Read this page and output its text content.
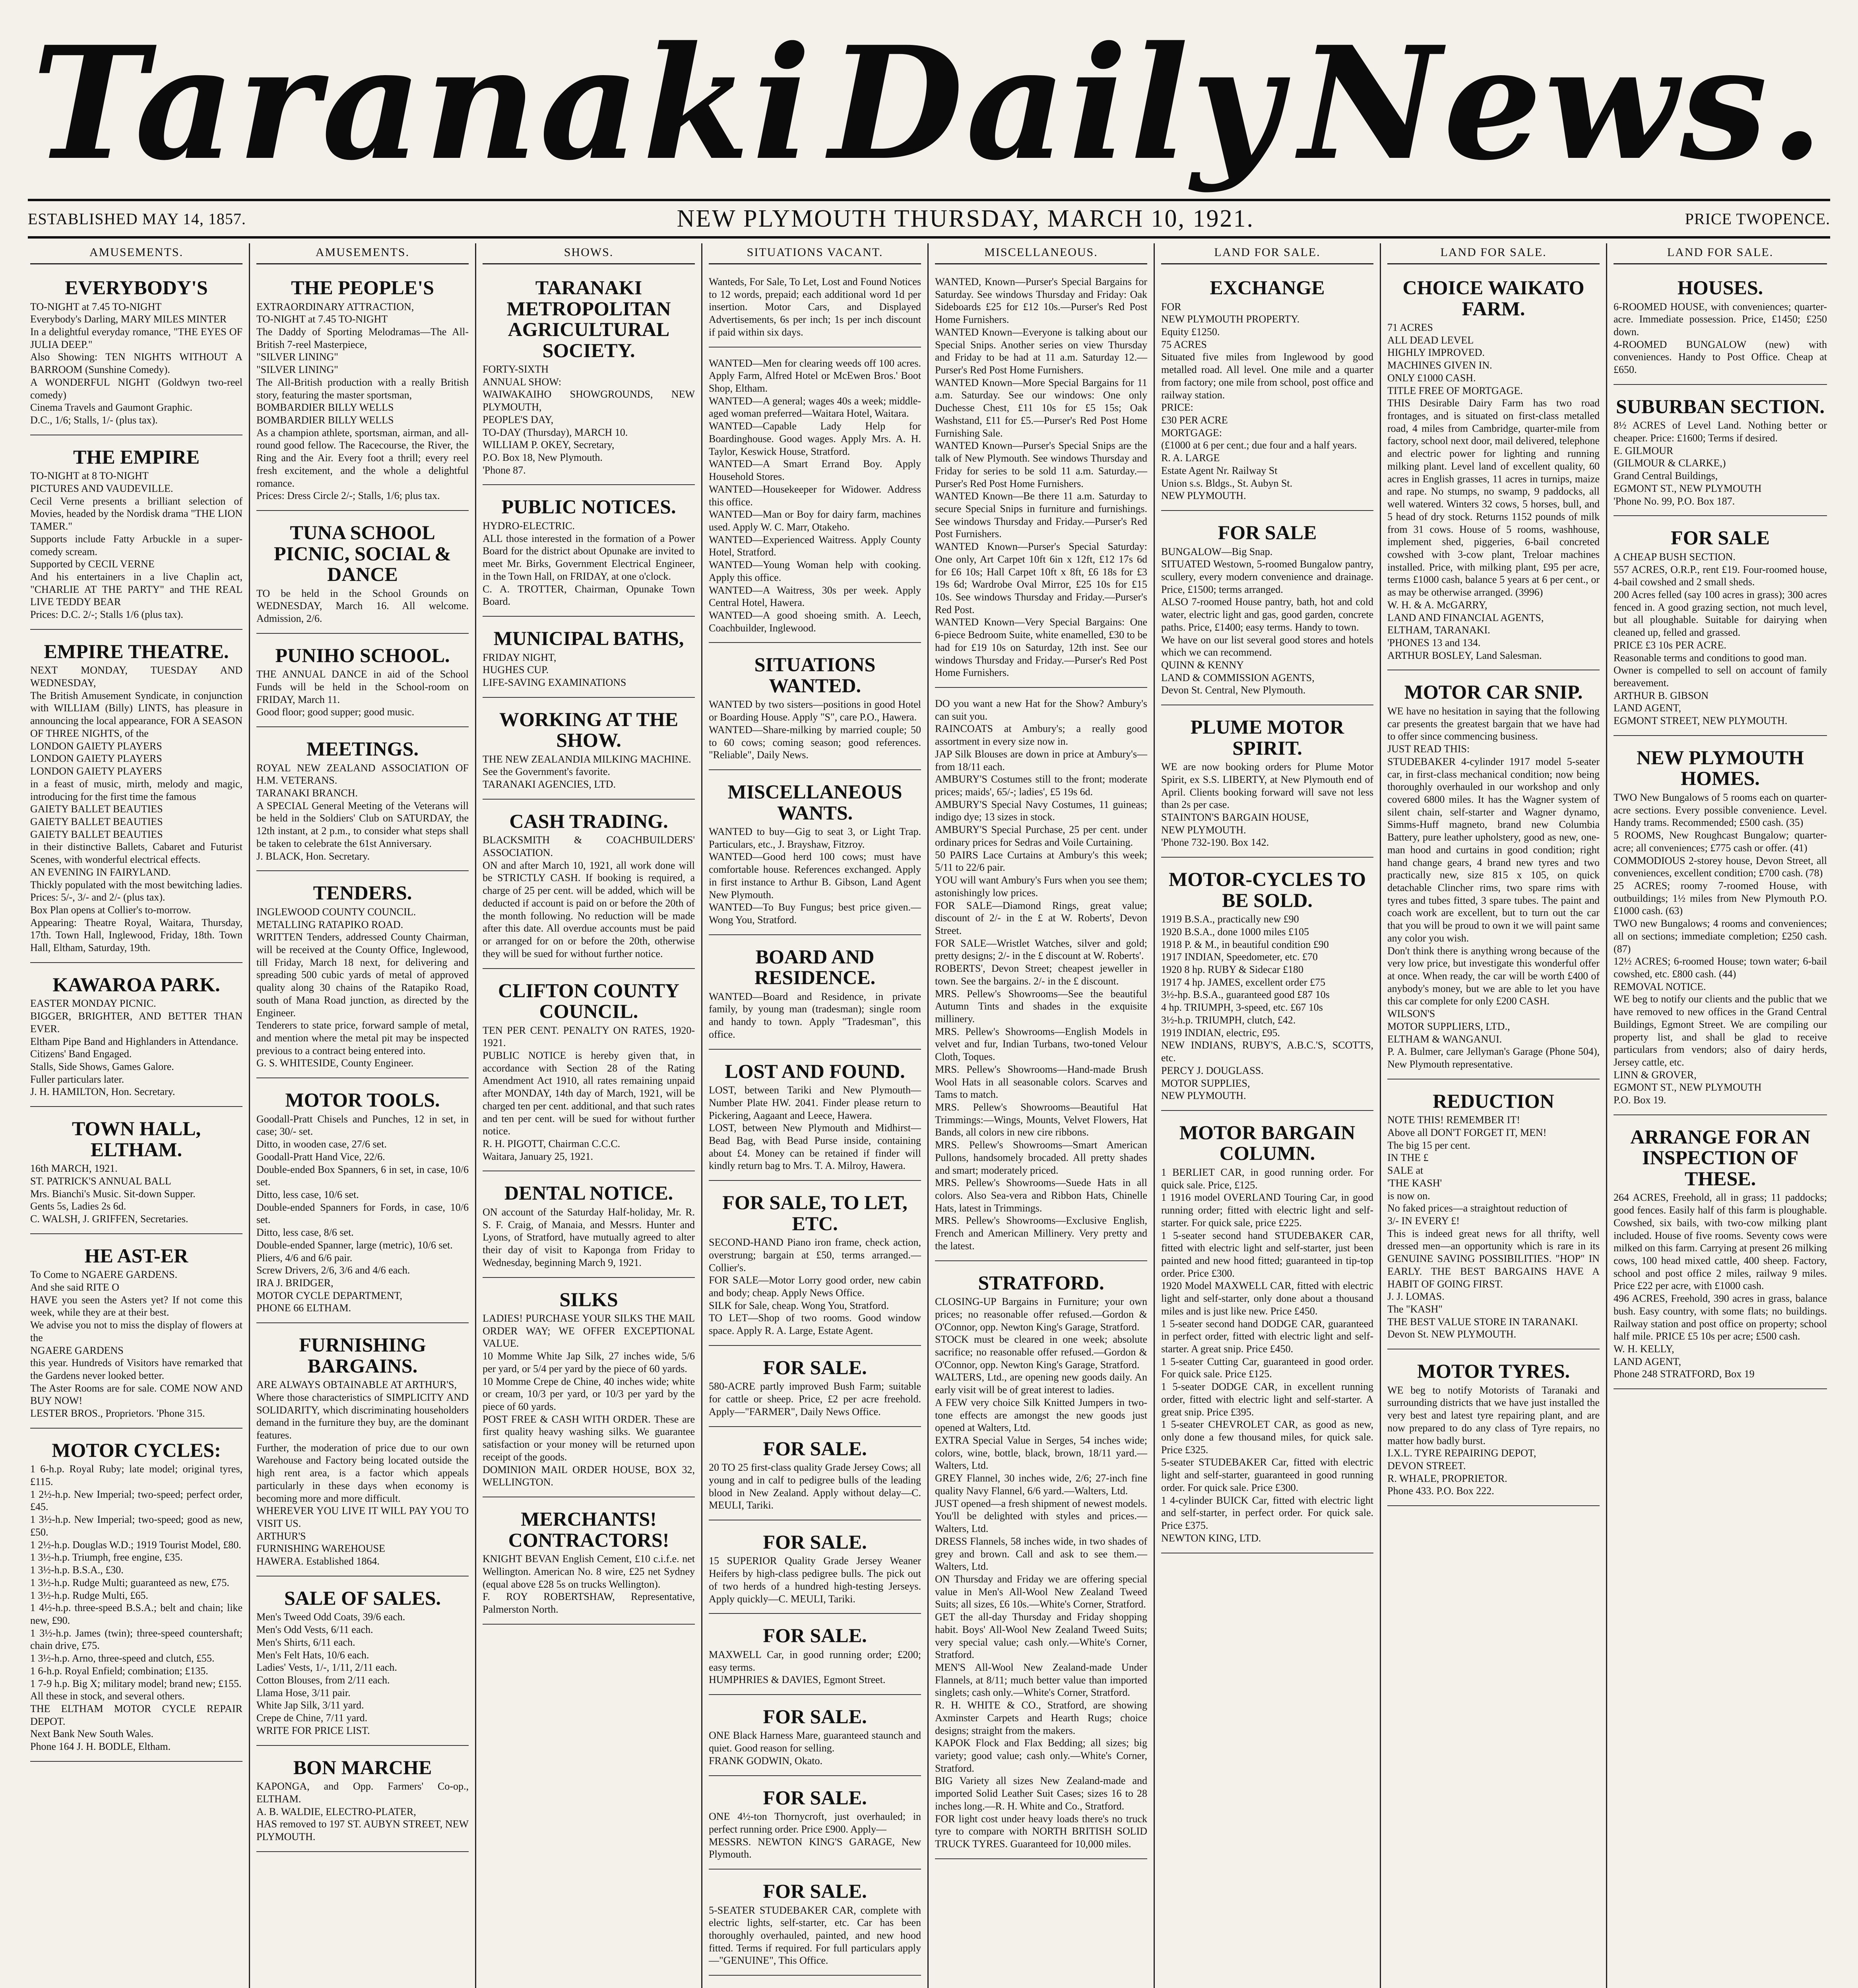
Taranaki Daily News.
ESTABLISHED MAY 14, 1857.	NEW PLYMOUTH THURSDAY, MARCH 10, 1921.	PRICE TWOPENCE.
AMUSEMENTS.
EVERYBODY'S
TO-NIGHT at 7.45 TO-NIGHT
Everybody's Darling, MARY MILES MINTER
In a delightful everyday romance, "THE EYES OF JULIA DEEP."
Also Showing: TEN NIGHTS WITHOUT A BARROOM (Sunshine Comedy).
A WONDERFUL NIGHT (Goldwyn two-reel comedy)
Cinema Travels and Gaumont Graphic.
D.C., 1/6; Stalls, 1/- (plus tax).
THE EMPIRE
TO-NIGHT at 8 TO-NIGHT
PICTURES AND VAUDEVILLE.
Cecil Verne presents a brilliant selection of Movies, headed by the Nordisk drama "THE LION TAMER."
Supports include Fatty Arbuckle in a super-comedy scream.
Supported by CECIL VERNE
And his entertainers in a live Chaplin act, "CHARLIE AT THE PARTY" and THE REAL LIVE TEDDY BEAR
Prices: D.C. 2/-; Stalls 1/6 (plus tax).
EMPIRE THEATRE.
NEXT MONDAY, TUESDAY AND WEDNESDAY,
The British Amusement Syndicate, in conjunction with WILLIAM (Billy) LINTS, has pleasure in announcing the local appearance, FOR A SEASON OF THREE NIGHTS, of the
LONDON GAIETY PLAYERS
LONDON GAIETY PLAYERS
LONDON GAIETY PLAYERS
in a feast of music, mirth, melody and magic, introducing for the first time the famous
GAIETY BALLET BEAUTIES
GAIETY BALLET BEAUTIES
GAIETY BALLET BEAUTIES
in their distinctive Ballets, Cabaret and Futurist Scenes, with wonderful electrical effects.
AN EVENING IN FAIRYLAND.
Thickly populated with the most bewitching ladies.
Prices: 5/-, 3/- and 2/- (plus tax).
Box Plan opens at Collier's to-morrow.
Appearing: Theatre Royal, Waitara, Thursday, 17th. Town Hall, Inglewood, Friday, 18th. Town Hall, Eltham, Saturday, 19th.
KAWAROA PARK.
EASTER MONDAY PICNIC.
BIGGER, BRIGHTER, AND BETTER THAN EVER.
Eltham Pipe Band and Highlanders in Attendance.
Citizens' Band Engaged.
Stalls, Side Shows, Games Galore.
Fuller particulars later.
J. H. HAMILTON, Hon. Secretary.
TOWN HALL, ELTHAM.
16th MARCH, 1921.
ST. PATRICK'S ANNUAL BALL
Mrs. Bianchi's Music. Sit-down Supper.
Gents 5s, Ladies 2s 6d.
C. WALSH, J. GRIFFEN, Secretaries.
HE AST-ER
To Come to NGAERE GARDENS.
And she said RITE O
HAVE you seen the Asters yet? If not come this week, while they are at their best.
We advise you not to miss the display of flowers at the
NGAERE GARDENS
this year. Hundreds of Visitors have remarked that the Gardens never looked better.
The Aster Rooms are for sale. COME NOW AND BUY NOW!
LESTER BROS., Proprietors. 'Phone 315.
MOTOR CYCLES:
1 6-h.p. Royal Ruby; late model; original tyres, £115.
1 2½-h.p. New Imperial; two-speed; perfect order, £45.
1 3½-h.p. New Imperial; two-speed; good as new, £50.
1 2½-h.p. Douglas W.D.; 1919 Tourist Model, £80.
1 3½-h.p. Triumph, free engine, £35.
1 3½-h.p. B.S.A., £30.
1 3½-h.p. Rudge Multi; guaranteed as new, £75.
1 3½-h.p. Rudge Multi, £65.
1 4½-h.p. three-speed B.S.A.; belt and chain; like new, £90.
1 3½-h.p. James (twin); three-speed countershaft; chain drive, £75.
1 3½-h.p. Arno, three-speed and clutch, £55.
1 6-h.p. Royal Enfield; combination; £135.
1 7-9 h.p. Big X; military model; brand new; £155.
All these in stock, and several others.
THE ELTHAM MOTOR CYCLE REPAIR DEPOT.
Next Bank New South Wales.
Phone 164 J. H. BODLE, Eltham.
AMUSEMENTS.
THE PEOPLE'S
EXTRAORDINARY ATTRACTION,
TO-NIGHT at 7.45 TO-NIGHT
The Daddy of Sporting Melodramas—The All-British 7-reel Masterpiece,
"SILVER LINING"
"SILVER LINING"
The All-British production with a really British story, featuring the master sportsman,
BOMBARDIER BILLY WELLS
BOMBARDIER BILLY WELLS
As a champion athlete, sportsman, airman, and all-round good fellow. The Racecourse, the River, the Ring and the Air. Every foot a thrill; every reel fresh excitement, and the whole a delightful romance.
Prices: Dress Circle 2/-; Stalls, 1/6; plus tax.
TUNA SCHOOL PICNIC, SOCIAL & DANCE
TO be held in the School Grounds on WEDNESDAY, March 16. All welcome. Admission, 2/6.
PUNIHO SCHOOL.
THE ANNUAL DANCE in aid of the School Funds will be held in the School-room on FRIDAY, March 11.
Good floor; good supper; good music.
MEETINGS.
ROYAL NEW ZEALAND ASSOCIATION OF H.M. VETERANS.
TARANAKI BRANCH.
A SPECIAL General Meeting of the Veterans will be held in the Soldiers' Club on SATURDAY, the 12th instant, at 2 p.m., to consider what steps shall be taken to celebrate the 61st Anniversary.
J. BLACK, Hon. Secretary.
TENDERS.
INGLEWOOD COUNTY COUNCIL.
METALLING RATAPIKO ROAD.
WRITTEN Tenders, addressed County Chairman, will be received at the County Office, Inglewood, till Friday, March 18 next, for delivering and spreading 500 cubic yards of metal of approved quality along 30 chains of the Ratapiko Road, south of Mana Road junction, as directed by the Engineer.
Tenderers to state price, forward sample of metal, and mention where the metal pit may be inspected previous to a contract being entered into.
G. S. WHITESIDE, County Engineer.
MOTOR TOOLS.
Goodall-Pratt Chisels and Punches, 12 in set, in case; 30/- set.
Ditto, in wooden case, 27/6 set.
Goodall-Pratt Hand Vice, 22/6.
Double-ended Box Spanners, 6 in set, in case, 10/6 set.
Ditto, less case, 10/6 set.
Double-ended Spanners for Fords, in case, 10/6 set.
Ditto, less case, 8/6 set.
Double-ended Spanner, large (metric), 10/6 set.
Pliers, 4/6 and 6/6 pair.
Screw Drivers, 2/6, 3/6 and 4/6 each.
IRA J. BRIDGER,
MOTOR CYCLE DEPARTMENT,
PHONE 66 ELTHAM.
FURNISHING BARGAINS.
ARE ALWAYS OBTAINABLE AT ARTHUR'S,
Where those characteristics of SIMPLICITY AND SOLIDARITY, which discriminating householders demand in the furniture they buy, are the dominant features.
Further, the moderation of price due to our own Warehouse and Factory being located outside the high rent area, is a factor which appeals particularly in these days when economy is becoming more and more difficult.
WHEREVER YOU LIVE IT WILL PAY YOU TO VISIT US.
ARTHUR'S
FURNISHING WAREHOUSE
HAWERA. Established 1864.
SALE OF SALES.
Men's Tweed Odd Coats, 39/6 each.
Men's Odd Vests, 6/11 each.
Men's Shirts, 6/11 each.
Men's Felt Hats, 10/6 each.
Ladies' Vests, 1/-, 1/11, 2/11 each.
Cotton Blouses, from 2/11 each.
Llama Hose, 3/11 pair.
White Jap Silk, 3/11 yard.
Crepe de Chine, 7/11 yard.
WRITE FOR PRICE LIST.
BON MARCHE
KAPONGA, and Opp. Farmers' Co-op., ELTHAM.
A. B. WALDIE, ELECTRO-PLATER,
HAS removed to 197 ST. AUBYN STREET, NEW PLYMOUTH.
SHOWS.
TARANAKI METROPOLITAN AGRICULTURAL SOCIETY.
FORTY-SIXTH
ANNUAL SHOW:
WAIWAKAIHO SHOWGROUNDS, NEW PLYMOUTH,
PEOPLE'S DAY,
TO-DAY (Thursday), MARCH 10.
WILLIAM P. OKEY, Secretary,
P.O. Box 18, New Plymouth.
'Phone 87.
PUBLIC NOTICES.
HYDRO-ELECTRIC.
ALL those interested in the formation of a Power Board for the district about Opunake are invited to meet Mr. Birks, Government Electrical Engineer, in the Town Hall, on FRIDAY, at one o'clock.
C. A. TROTTER, Chairman, Opunake Town Board.
MUNICIPAL BATHS,
FRIDAY NIGHT,
HUGHES CUP.
LIFE-SAVING EXAMINATIONS
WORKING AT THE SHOW.
THE NEW ZEALANDIA MILKING MACHINE.
See the Government's favorite.
TARANAKI AGENCIES, LTD.
CASH TRADING.
BLACKSMITH & COACHBUILDERS' ASSOCIATION.
ON and after March 10, 1921, all work done will be STRICTLY CASH. If booking is required, a charge of 25 per cent. will be added, which will be deducted if account is paid on or before the 20th of the month following. No reduction will be made after this date. All overdue accounts must be paid or arranged for on or before the 20th, otherwise they will be sued for without further notice.
CLIFTON COUNTY COUNCIL.
TEN PER CENT. PENALTY ON RATES, 1920-1921.
PUBLIC NOTICE is hereby given that, in accordance with Section 28 of the Rating Amendment Act 1910, all rates remaining unpaid after MONDAY, 14th day of March, 1921, will be charged ten per cent. additional, and that such rates and ten per cent. will be sued for without further notice.
R. H. PIGOTT, Chairman C.C.C.
Waitara, January 25, 1921.
DENTAL NOTICE.
ON account of the Saturday Half-holiday, Mr. R. S. F. Craig, of Manaia, and Messrs. Hunter and Lyons, of Stratford, have mutually agreed to alter their day of visit to Kaponga from Friday to Wednesday, beginning March 9, 1921.
SILKS
LADIES! PURCHASE YOUR SILKS THE MAIL ORDER WAY; WE OFFER EXCEPTIONAL VALUE.
10 Momme White Jap Silk, 27 inches wide, 5/6 per yard, or 5/4 per yard by the piece of 60 yards.
10 Momme Crepe de Chine, 40 inches wide; white or cream, 10/3 per yard, or 10/3 per yard by the piece of 60 yards.
POST FREE & CASH WITH ORDER. These are first quality heavy washing silks. We guarantee satisfaction or your money will be returned upon receipt of the goods.
DOMINION MAIL ORDER HOUSE, BOX 32, WELLINGTON.
MERCHANTS! CONTRACTORS!
KNIGHT BEVAN English Cement, £10 c.i.f.e. net Wellington. American No. 8 wire, £25 net Sydney (equal above £28 5s on trucks Wellington).
F. ROY ROBERTSHAW, Representative, Palmerston North.
SITUATIONS VACANT.
Wanteds, For Sale, To Let, Lost and Found Notices to 12 words, prepaid; each additional word 1d per insertion. Motor Cars, and Displayed Advertisements, 6s per inch; 1s per inch discount if paid within six days.
WANTED—Men for clearing weeds off 100 acres. Apply Farm, Alfred Hotel or McEwen Bros.' Boot Shop, Eltham.
WANTED—A general; wages 40s a week; middle-aged woman preferred—Waitara Hotel, Waitara.
WANTED—Capable Lady Help for Boardinghouse. Good wages. Apply Mrs. A. H. Taylor, Keswick House, Stratford.
WANTED—A Smart Errand Boy. Apply Household Stores.
WANTED—Housekeeper for Widower. Address this office.
WANTED—Man or Boy for dairy farm, machines used. Apply W. C. Marr, Otakeho.
WANTED—Experienced Waitress. Apply County Hotel, Stratford.
WANTED—Young Woman help with cooking. Apply this office.
WANTED—A Waitress, 30s per week. Apply Central Hotel, Hawera.
WANTED—A good shoeing smith. A. Leech, Coachbuilder, Inglewood.
SITUATIONS WANTED.
WANTED by two sisters—positions in good Hotel or Boarding House. Apply "S", care P.O., Hawera.
WANTED—Share-milking by married couple; 50 to 60 cows; coming season; good references. "Reliable", Daily News.
MISCELLANEOUS WANTS.
WANTED to buy—Gig to seat 3, or Light Trap. Particulars, etc., J. Brayshaw, Fitzroy.
WANTED—Good herd 100 cows; must have comfortable house. References exchanged. Apply in first instance to Arthur B. Gibson, Land Agent New Plymouth.
WANTED—To Buy Fungus; best price given.—Wong You, Stratford.
BOARD AND RESIDENCE.
WANTED—Board and Residence, in private family, by young man (tradesman); single room and handy to town. Apply "Tradesman", this office.
LOST AND FOUND.
LOST, between Tariki and New Plymouth—Number Plate HW. 2041. Finder please return to Pickering, Aagaant and Leece, Hawera.
LOST, between New Plymouth and Midhirst—Bead Bag, with Bead Purse inside, containing about £4. Money can be retained if finder will kindly return bag to Mrs. T. A. Milroy, Hawera.
FOR SALE, TO LET, ETC.
SECOND-HAND Piano iron frame, check action, overstrung; bargain at £50, terms arranged.—Collier's.
FOR SALE—Motor Lorry good order, new cabin and body; cheap. Apply News Office.
SILK for Sale, cheap. Wong You, Stratford.
TO LET—Shop of two rooms. Good window space. Apply R. A. Large, Estate Agent.
FOR SALE.
580-ACRE partly improved Bush Farm; suitable for cattle or sheep. Price, £2 per acre freehold. Apply—"FARMER", Daily News Office.
FOR SALE.
20 TO 25 first-class quality Grade Jersey Cows; all young and in calf to pedigree bulls of the leading blood in New Zealand. Apply without delay—C. MEULI, Tariki.
FOR SALE.
15 SUPERIOR Quality Grade Jersey Weaner Heifers by high-class pedigree bulls. The pick out of two herds of a hundred high-testing Jerseys. Apply quickly—C. MEULI, Tariki.
FOR SALE.
MAXWELL Car, in good running order; £200; easy terms.
HUMPHRIES & DAVIES, Egmont Street.
FOR SALE.
ONE Black Harness Mare, guaranteed staunch and quiet. Good reason for selling.
FRANK GODWIN, Okato.
FOR SALE.
ONE 4½-ton Thornycroft, just overhauled; in perfect running order. Price £900. Apply—
MESSRS. NEWTON KING'S GARAGE, New Plymouth.
FOR SALE.
5-SEATER STUDEBAKER CAR, complete with electric lights, self-starter, etc. Car has been thoroughly overhauled, painted, and new hood fitted. Terms if required. For full particulars apply—"GENUINE", This Office.
MISCELLANEOUS.
WANTED, Known—Purser's Special Bargains for Saturday. See windows Thursday and Friday: Oak Sideboards £25 for £12 10s.—Purser's Red Post Home Furnishers.
WANTED Known—Everyone is talking about our Special Snips. Another series on view Thursday and Friday to be had at 11 a.m. Saturday 12.—Purser's Red Post Home Furnishers.
WANTED Known—More Special Bargains for 11 a.m. Saturday. See our windows: One only Duchesse Chest, £11 10s for £5 15s; Oak Washstand, £11 for £5.—Purser's Red Post Home Furnishing Sale.
WANTED Known—Purser's Special Snips are the talk of New Plymouth. See windows Thursday and Friday for series to be sold 11 a.m. Saturday.—Purser's Red Post Home Furnishers.
WANTED Known—Be there 11 a.m. Saturday to secure Special Snips in furniture and furnishings. See windows Thursday and Friday.—Purser's Red Post Furnishers.
WANTED Known—Purser's Special Saturday: One only, Art Carpet 10ft 6in x 12ft, £12 17s 6d for £6 10s; Hall Carpet 10ft x 8ft, £6 18s for £3 19s 6d; Wardrobe Oval Mirror, £25 10s for £15 10s. See windows Thursday and Friday.—Purser's Red Post.
WANTED Known—Very Special Bargains: One 6-piece Bedroom Suite, white enamelled, £30 to be had for £19 10s on Saturday, 12th inst. See our windows Thursday and Friday.—Purser's Red Post Home Furnishers.
DO you want a new Hat for the Show? Ambury's can suit you.
RAINCOATS at Ambury's; a really good assortment in every size now in.
JAP Silk Blouses are down in price at Ambury's—from 18/11 each.
AMBURY'S Costumes still to the front; moderate prices; maids', 65/-; ladies', £5 19s 6d.
AMBURY'S Special Navy Costumes, 11 guineas; indigo dye; 13 sizes in stock.
AMBURY'S Special Purchase, 25 per cent. under ordinary prices for Sedras and Voile Curtaining.
50 PAIRS Lace Curtains at Ambury's this week; 5/11 to 22/6 pair.
YOU will want Ambury's Furs when you see them; astonishingly low prices.
FOR SALE—Diamond Rings, great value; discount of 2/- in the £ at W. Roberts', Devon Street.
FOR SALE—Wristlet Watches, silver and gold; pretty designs; 2/- in the £ discount at W. Roberts'.
ROBERTS', Devon Street; cheapest jeweller in town. See the bargains. 2/- in the £ discount.
MRS. Pellew's Showrooms—See the beautiful Autumn Tints and shades in the exquisite millinery.
MRS. Pellew's Showrooms—English Models in velvet and fur, Indian Turbans, two-toned Velour Cloth, Toques.
MRS. Pellew's Showrooms—Hand-made Brush Wool Hats in all seasonable colors. Scarves and Tams to match.
MRS. Pellew's Showrooms—Beautiful Hat Trimmings:—Wings, Mounts, Velvet Flowers, Hat Bands, all colors in new cire ribbons.
MRS. Pellew's Showrooms—Smart American Pullons, handsomely brocaded. All pretty shades and smart; moderately priced.
MRS. Pellew's Showrooms—Suede Hats in all colors. Also Sea-vera and Ribbon Hats, Chinelle Hats, latest in Trimmings.
MRS. Pellew's Showrooms—Exclusive English, French and American Millinery. Very pretty and the latest.
STRATFORD.
CLOSING-UP Bargains in Furniture; your own prices; no reasonable offer refused.—Gordon & O'Connor, opp. Newton King's Garage, Stratford.
STOCK must be cleared in one week; absolute sacrifice; no reasonable offer refused.—Gordon & O'Connor, opp. Newton King's Garage, Stratford.
WALTERS, Ltd., are opening new goods daily. An early visit will be of great interest to ladies.
A FEW very choice Silk Knitted Jumpers in two-tone effects are amongst the new goods just opened at Walters, Ltd.
EXTRA Special Value in Serges, 54 inches wide; colors, wine, bottle, black, brown, 18/11 yard.—Walters, Ltd.
GREY Flannel, 30 inches wide, 2/6; 27-inch fine quality Navy Flannel, 6/6 yard.—Walters, Ltd.
JUST opened—a fresh shipment of newest models. You'll be delighted with styles and prices.—Walters, Ltd.
DRESS Flannels, 58 inches wide, in two shades of grey and brown. Call and ask to see them.—Walters, Ltd.
ON Thursday and Friday we are offering special value in Men's All-Wool New Zealand Tweed Suits; all sizes, £6 10s.—White's Corner, Stratford.
GET the all-day Thursday and Friday shopping habit. Boys' All-Wool New Zealand Tweed Suits; very special value; cash only.—White's Corner, Stratford.
MEN'S All-Wool New Zealand-made Under Flannels, at 8/11; much better value than imported singlets; cash only.—White's Corner, Stratford.
R. H. WHITE & CO., Stratford, are showing Axminster Carpets and Hearth Rugs; choice designs; straight from the makers.
KAPOK Flock and Flax Bedding; all sizes; big variety; good value; cash only.—White's Corner, Stratford.
BIG Variety all sizes New Zealand-made and imported Solid Leather Suit Cases; sizes 16 to 28 inches long.—R. H. White and Co., Stratford.
FOR light cost under heavy loads there's no truck tyre to compare with NORTH BRITISH SOLID TRUCK TYRES. Guaranteed for 10,000 miles.
LAND FOR SALE.
EXCHANGE
FOR
NEW PLYMOUTH PROPERTY.
Equity £1250.
75 ACRES
Situated five miles from Inglewood by good metalled road. All level. One mile and a quarter from factory; one mile from school, post office and railway station.
PRICE:
£30 PER ACRE
MORTGAGE:
(£1000 at 6 per cent.; due four and a half years.
R. A. LARGE
Estate Agent Nr. Railway St
Union s.s. Bldgs., St. Aubyn St.
NEW PLYMOUTH.
FOR SALE
BUNGALOW—Big Snap.
SITUATED Westown, 5-roomed Bungalow pantry, scullery, every modern convenience and drainage. Price, £1500; terms arranged.
ALSO 7-roomed House pantry, bath, hot and cold water, electric light and gas, good garden, concrete paths. Price, £1400; easy terms. Handy to town.
We have on our list several good stores and hotels which we can recommend.
QUINN & KENNY
LAND & COMMISSION AGENTS,
Devon St. Central, New Plymouth.
PLUME MOTOR SPIRIT.
WE are now booking orders for Plume Motor Spirit, ex S.S. LIBERTY, at New Plymouth end of April. Clients booking forward will save not less than 2s per case.
STAINTON'S BARGAIN HOUSE,
NEW PLYMOUTH.
'Phone 732-190. Box 142.
MOTOR-CYCLES TO BE SOLD.
1919 B.S.A., practically new £90
1920 B.S.A., done 1000 miles £105
1918 P. & M., in beautiful condition £90
1917 INDIAN, Speedometer, etc. £70
1920 8 hp. RUBY & Sidecar £180
1917 4 hp. JAMES, excellent order £75
3½-hp. B.S.A., guaranteed good £87 10s
4 hp. TRIUMPH, 3-speed, etc. £67 10s
3½-h.p. TRIUMPH, clutch, £42.
1919 INDIAN, electric, £95.
NEW INDIANS, RUBY'S, A.B.C.'S, SCOTTS, etc.
PERCY J. DOUGLASS.
MOTOR SUPPLIES,
NEW PLYMOUTH.
MOTOR BARGAIN COLUMN.
1 BERLIET CAR, in good running order. For quick sale. Price, £125.
1 1916 model OVERLAND Touring Car, in good running order; fitted with electric light and self-starter. For quick sale, price £225.
1 5-seater second hand STUDEBAKER CAR, fitted with electric light and self-starter, just been painted and new hood fitted; guaranteed in tip-top order. Price £300.
1920 Model MAXWELL CAR, fitted with electric light and self-starter, only done about a thousand miles and is just like new. Price £450.
1 5-seater second hand DODGE CAR, guaranteed in perfect order, fitted with electric light and self-starter. A great snip. Price £450.
1 5-seater Cutting Car, guaranteed in good order. For quick sale. Price £125.
1 5-seater DODGE CAR, in excellent running order, fitted with electric light and self-starter. A great snip. Price £395.
1 5-seater CHEVROLET CAR, as good as new, only done a few thousand miles, for quick sale. Price £325.
5-seater STUDEBAKER Car, fitted with electric light and self-starter, guaranteed in good running order. For quick sale. Price £300.
1 4-cylinder BUICK Car, fitted with electric light and self-starter, in perfect order. For quick sale. Price £375.
NEWTON KING, LTD.
LAND FOR SALE.
CHOICE WAIKATO FARM.
71 ACRES
ALL DEAD LEVEL
HIGHLY IMPROVED.
MACHINES GIVEN IN.
ONLY £1000 CASH.
TITLE FREE OF MORTGAGE.
THIS Desirable Dairy Farm has two road frontages, and is situated on first-class metalled road, 4 miles from Cambridge, quarter-mile from factory, school next door, mail delivered, telephone and electric power for lighting and running milking plant. Level land of excellent quality, 60 acres in English grasses, 11 acres in turnips, maize and rape. No stumps, no swamp, 9 paddocks, all well watered. Winters 32 cows, 5 horses, bull, and 5 head of dry stock. Returns 1152 pounds of milk from 31 cows. House of 5 rooms, washhouse, implement shed, piggeries, 6-bail concreted cowshed with 3-cow plant, Treloar machines installed. Price, with milking plant, £95 per acre, terms £1000 cash, balance 5 years at 6 per cent., or as may be otherwise arranged. (3996)
W. H. & A. McGARRY,
LAND AND FINANCIAL AGENTS,
ELTHAM, TARANAKI.
'PHONES 13 and 134.
ARTHUR BOSLEY, Land Salesman.
MOTOR CAR SNIP.
WE have no hesitation in saying that the following car presents the greatest bargain that we have had to offer since commencing business.
JUST READ THIS:
STUDEBAKER 4-cylinder 1917 model 5-seater car, in first-class mechanical condition; now being thoroughly overhauled in our workshop and only covered 6800 miles. It has the Wagner system of silent chain, self-starter and Wagner dynamo, Simms-Huff magneto, brand new Columbia Battery, pure leather upholstery, good as new, one-man hood and curtains in good condition; right hand change gears, 4 brand new tyres and two practically new, size 815 x 105, on quick detachable Clincher rims, two spare rims with tyres and tubes fitted, 3 spare tubes. The paint and coach work are excellent, but to turn out the car that you will be proud to own it we will paint same any color you wish.
Don't think there is anything wrong because of the very low price, but investigate this wonderful offer at once. When ready, the car will be worth £400 of anybody's money, but we are able to let you have this car complete for only £200 CASH.
WILSON'S
MOTOR SUPPLIERS, LTD.,
ELTHAM & WANGANUI.
P. A. Bulmer, care Jellyman's Garage (Phone 504), New Plymouth representative.
REDUCTION
NOTE THIS! REMEMBER IT!
Above all DON'T FORGET IT, MEN!
The big 15 per cent.
IN THE £
SALE at
'THE KASH'
is now on.
No faked prices—a straightout reduction of
3/- IN EVERY £!
This is indeed great news for all thrifty, well dressed men—an opportunity which is rare in its GENUINE SAVING POSSIBILITIES. "HOP" IN EARLY. THE BEST BARGAINS HAVE A HABIT OF GOING FIRST.
J. J. LOMAS.
The "KASH"
THE BEST VALUE STORE IN TARANAKI.
Devon St. NEW PLYMOUTH.
MOTOR TYRES.
WE beg to notify Motorists of Taranaki and surrounding districts that we have just installed the very best and latest tyre repairing plant, and are now prepared to do any class of Tyre repairs, no matter how badly burst.
I.X.L. TYRE REPAIRING DEPOT,
DEVON STREET.
R. WHALE, PROPRIETOR.
Phone 433. P.O. Box 222.
LAND FOR SALE.
HOUSES.
6-ROOMED HOUSE, with conveniences; quarter-acre. Immediate possession. Price, £1450; £250 down.
4-ROOMED BUNGALOW (new) with conveniences. Handy to Post Office. Cheap at £650.
SUBURBAN SECTION.
8½ ACRES of Level Land. Nothing better or cheaper. Price: £1600; Terms if desired.
E. GILMOUR
(GILMOUR & CLARKE,)
Grand Central Buildings,
EGMONT ST., NEW PLYMOUTH
'Phone No. 99, P.O. Box 187.
FOR SALE
A CHEAP BUSH SECTION.
557 ACRES, O.R.P., rent £19. Four-roomed house, 4-bail cowshed and 2 small sheds.
200 Acres felled (say 100 acres in grass); 300 acres fenced in. A good grazing section, not much level, but all ploughable. Suitable for dairying when cleaned up, felled and grassed.
PRICE £3 10s PER ACRE.
Reasonable terms and conditions to good man.
Owner is compelled to sell on account of family bereavement.
ARTHUR B. GIBSON
LAND AGENT,
EGMONT STREET, NEW PLYMOUTH.
NEW PLYMOUTH HOMES.
TWO New Bungalows of 5 rooms each on quarter-acre sections. Every possible convenience. Level. Handy trams. Recommended; £500 cash. (35)
5 ROOMS, New Roughcast Bungalow; quarter-acre; all conveniences; £775 cash or offer. (41)
COMMODIOUS 2-storey house, Devon Street, all conveniences, excellent condition; £700 cash. (78)
25 ACRES; roomy 7-roomed House, with outbuildings; 1½ miles from New Plymouth P.O. £1000 cash. (63)
TWO new Bungalows; 4 rooms and conveniences; all on sections; immediate completion; £250 cash. (87)
12½ ACRES; 6-roomed House; town water; 6-bail cowshed, etc. £800 cash. (44)
REMOVAL NOTICE.
WE beg to notify our clients and the public that we have removed to new offices in the Grand Central Buildings, Egmont Street. We are compiling our property list, and shall be glad to receive particulars from vendors; also of dairy herds, Jersey cattle, etc.
LINN & GROVER,
EGMONT ST., NEW PLYMOUTH
P.O. Box 19.
ARRANGE FOR AN INSPECTION OF THESE.
264 ACRES, Freehold, all in grass; 11 paddocks; good fences. Easily half of this farm is ploughable. Cowshed, six bails, with two-cow milking plant included. House of five rooms. Seventy cows were milked on this farm. Carrying at present 26 milking cows, 100 head mixed cattle, 400 sheep. Factory, school and post office 2 miles, railway 9 miles. Price £22 per acre, with £1000 cash.
496 ACRES, Freehold, 390 acres in grass, balance bush. Easy country, with some flats; no buildings. Railway station and post office on property; school half mile. PRICE £5 10s per acre; £500 cash.
W. H. KELLY,
LAND AGENT,
Phone 248 STRATFORD, Box 19
